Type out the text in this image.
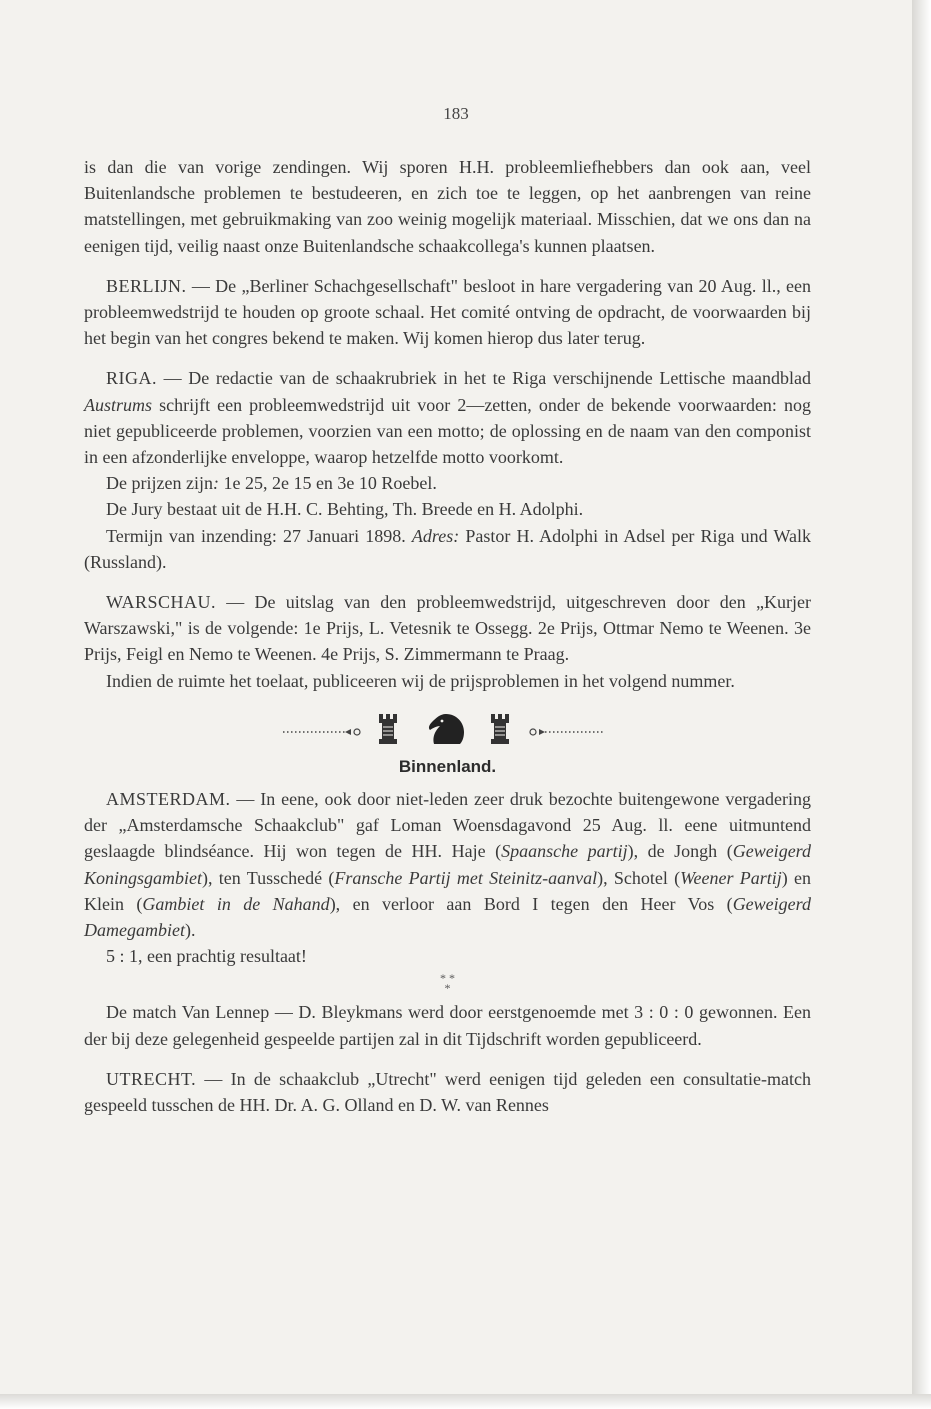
183

is dan die van vorige zendingen. Wij sporen H.H. probleemliefhebbers dan ook aan, veel Buitenlandsche problemen te bestudeeren, en zich toe te leggen, op het aanbrengen van reine matstellingen, met gebruikmaking van zoo weinig mogelijk materiaal. Misschien, dat we ons dan na eenigen tijd, veilig naast onze Buitenlandsche schaakcollega's kunnen plaatsen.

BERLIJN. — De „Berliner Schachgesellschaft" besloot in hare vergadering van 20 Aug. ll., een probleemwedstrijd te houden op groote schaal. Het comité ontving de opdracht, de voorwaarden bij het begin van het congres bekend te maken. Wij komen hierop dus later terug.

RIGA. — De redactie van de schaakrubriek in het te Riga verschijnende Lettische maandblad Austrums schrijft een probleemwedstrijd uit voor 2—zetten, onder de bekende voorwaarden: nog niet gepubliceerde problemen, voorzien van een motto; de oplossing en de naam van den componist in een afzonderlijke enveloppe, waarop hetzelfde motto voorkomt.

De prijzen zijn: 1e 25, 2e 15 en 3e 10 Roebel.

De Jury bestaat uit de H.H. C. Behting, Th. Breede en H. Adolphi.

Termijn van inzending: 27 Januari 1898. Adres: Pastor H. Adolphi in Adsel per Riga und Walk (Russland).

WARSCHAU. — De uitslag van den probleemwedstrijd, uitgeschreven door den „Kurjer Warszawski," is de volgende: 1e Prijs, L. Vetesnik te Ossegg. 2e Prijs, Ottmar Nemo te Weenen. 3e Prijs, Feigl en Nemo te Weenen. 4e Prijs, S. Zimmermann te Praag.

Indien de ruimte het toelaat, publiceeren wij de prijsproblemen in het volgend nummer.

Binnenland.

AMSTERDAM. — In eene, ook door niet-leden zeer druk bezochte buitengewone vergadering der „Amsterdamsche Schaakclub" gaf Loman Woensdagavond 25 Aug. ll. eene uitmuntend geslaagde blindséance. Hij won tegen de HH. Haje (Spaansche partij), de Jongh (Geweigerd Koningsgambiet), ten Tusschedé (Fransche Partij met Steinitz-aanval), Schotel (Weener Partij) en Klein (Gambiet in de Nahand), en verloor aan Bord I tegen den Heer Vos (Geweigerd Damegambiet).

5 : 1, een prachtig resultaat!

* *
*

De match Van Lennep — D. Bleykmans werd door eerstgenoemde met 3 : 0 : 0 gewonnen. Een der bij deze gelegenheid gespeelde partijen zal in dit Tijdschrift worden gepubliceerd.

UTRECHT. — In de schaakclub „Utrecht" werd eenigen tijd geleden een consultatie-match gespeeld tusschen de HH. Dr. A. G. Olland en D. W. van Rennes
